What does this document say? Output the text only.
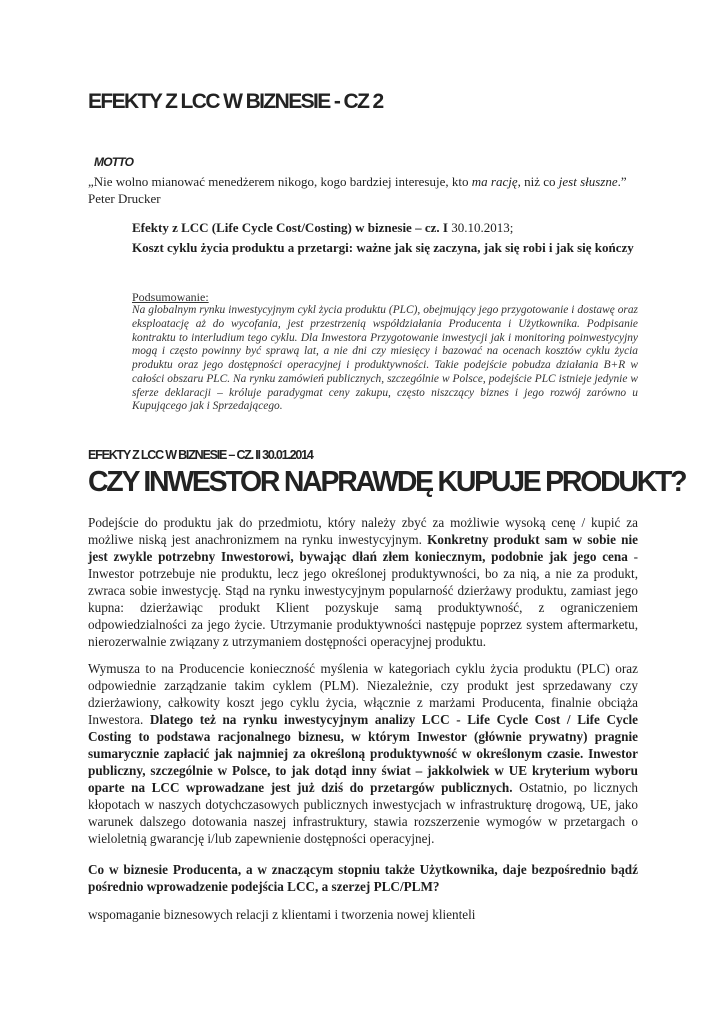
EFEKTY Z LCC W BIZNESIE - CZ 2
MOTTO
„Nie wolno mianować menedżerem nikogo, kogo bardziej interesuje, kto ma rację, niż co jest słuszne.”
Peter Drucker
Efekty z LCC (Life Cycle Cost/Costing) w biznesie – cz. I 30.10.2013;
Koszt cyklu życia produktu a przetargi: ważne jak się zaczyna, jak się robi i jak się kończy
Podsumowanie:
Na globalnym rynku inwestycyjnym cykl życia produktu (PLC), obejmujący jego przygotowanie i dostawę oraz eksploatację aż do wycofania, jest przestrzenią współdziałania Producenta i Użytkownika. Podpisanie kontraktu to interludium tego cyklu. Dla Inwestora Przygotowanie inwestycji jak i monitoring poinwestycyjny mogą i często powinny być sprawą lat, a nie dni czy miesięcy i bazować na ocenach kosztów cyklu życia produktu oraz jego dostępności operacyjnej i produktywności. Takie podejście pobudza działania B+R w całości obszaru PLC. Na rynku zamówień publicznych, szczególnie w Polsce, podejście PLC istnieje jedynie w sferze deklaracji – króluje paradygmat ceny zakupu, często niszczący biznes i jego rozwój zarówno u Kupującego jak i Sprzedającego.
EFEKTY Z LCC W BIZNESIE – CZ. II 30.01.2014
CZY INWESTOR NAPRAWDĘ KUPUJE PRODUKT?
Podejście do produktu jak do przedmiotu, który należy zbyć za możliwie wysoką cenę / kupić za możliwe niską jest anachronizmem na rynku inwestycyjnym. Konkretny produkt sam w sobie nie jest zwykle potrzebny Inwestorowi, bywając dłań złem koniecznym, podobnie jak jego cena - Inwestor potrzebuje nie produktu, lecz jego określonej produktywności, bo za nią, a nie za produkt, zwraca sobie inwestycję. Stąd na rynku inwestycyjnym popularność dzierżawy produktu, zamiast jego kupna: dzierżawiąc produkt Klient pozyskuje samą produktywność, z ograniczeniem odpowiedzialności za jego życie. Utrzymanie produktywności następuje poprzez system aftermarketu, nierozerwalnie związany z utrzymaniem dostępności operacyjnej produktu.
Wymusza to na Producencie konieczność myślenia w kategoriach cyklu życia produktu (PLC) oraz odpowiednie zarządzanie takim cyklem (PLM). Niezależnie, czy produkt jest sprzedawany czy dzierżawiony, całkowity koszt jego cyklu życia, włącznie z marżami Producenta, finalnie obciąża Inwestora. Dlatego też na rynku inwestycyjnym analizy LCC - Life Cycle Cost / Life Cycle Costing to podstawa racjonalnego biznesu, w którym Inwestor (głównie prywatny) pragnie sumarycznie zapłacić jak najmniej za określoną produktywność w określonym czasie. Inwestor publiczny, szczególnie w Polsce, to jak dotąd inny świat – jakkolwiek w UE kryterium wyboru oparte na LCC wprowadzane jest już dziś do przetargów publicznych. Ostatnio, po licznych kłopotach w naszych dotychczasowych publicznych inwestycjach w infrastrukturę drogową, UE, jako warunek dalszego dotowania naszej infrastruktury, stawia rozszerzenie wymogów w przetargach o wieloletnią gwarancję i/lub zapewnienie dostępności operacyjnej.
Co w biznesie Producenta, a w znaczącym stopniu także Użytkownika, daje bezpośrednio bądź pośrednio wprowadzenie podejścia LCC, a szerzej PLC/PLM?
wspomaganie biznesowych relacji z klientami i tworzenia nowej klienteli
